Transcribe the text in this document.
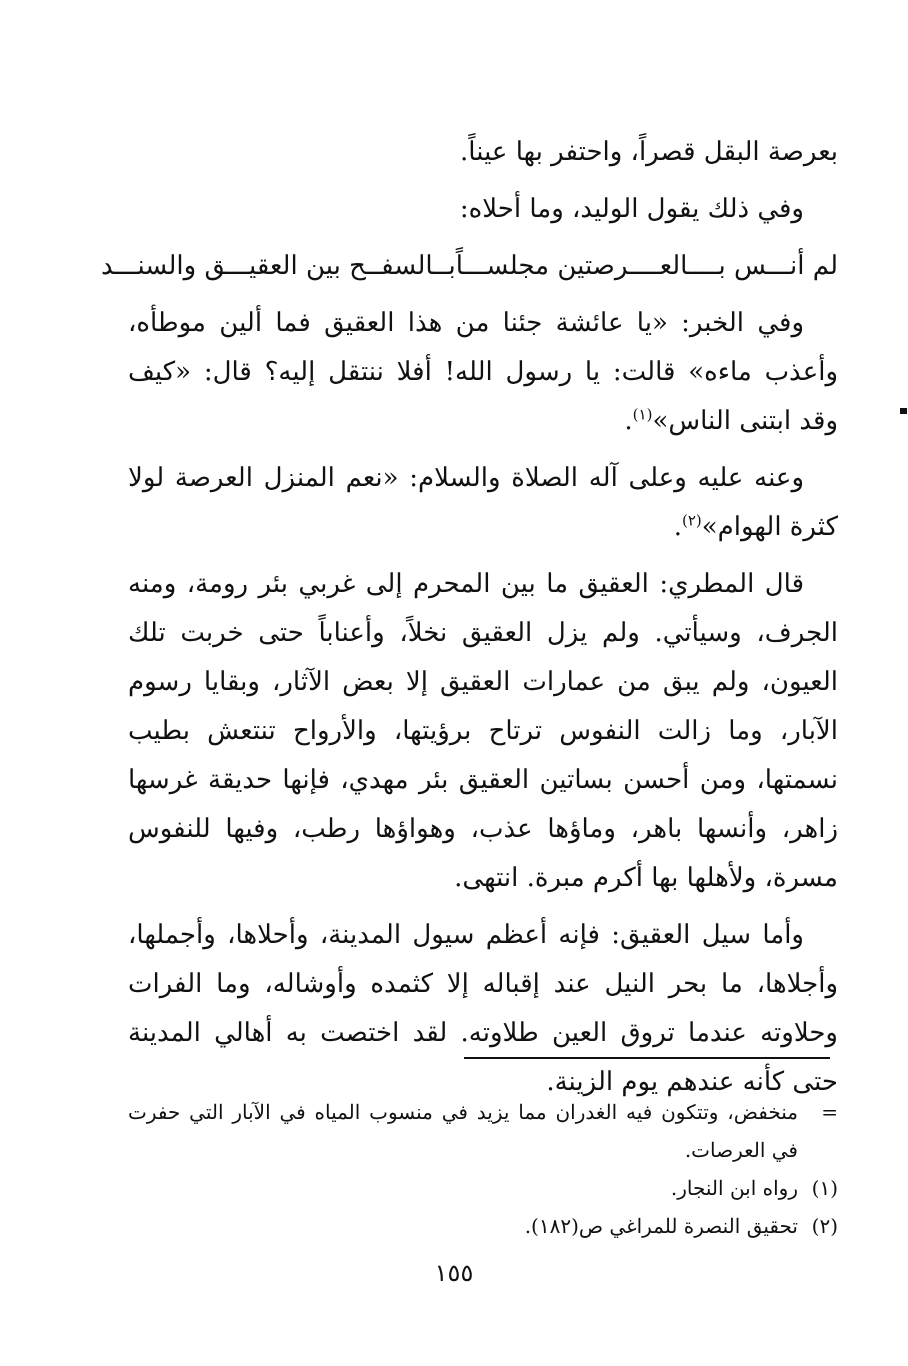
بعرصة البقل قصراً، واحتفر بها عيناً.

وفي ذلك يقول الوليد، وما أحلاه:

لم أنـــس بــــالعــــرصتين مجلســـاً
بــالسفــح بين العقيـــق والسنـــد

وفي الخبر: «يا عائشة جئنا من هذا العقيق فما ألين موطأه، وأعذب ماءه» قالت: يا رسول الله! أفلا ننتقل إليه؟ قال: «كيف وقد ابتنى الناس»$^{(١)}$.

وعنه عليه وعلى آله الصلاة والسلام: «نعم المنزل العرصة لولا كثرة الهوام»$^{(٢)}$.

قال المطري: العقيق ما بين المحرم إلى غربي بئر رومة، ومنه الجرف، وسيأتي. ولم يزل العقيق نخلاً، وأعناباً حتى خربت تلك العيون، ولم يبق من عمارات العقيق إلا بعض الآثار، وبقايا رسوم الآبار، وما زالت النفوس ترتاح برؤيتها، والأرواح تنتعش بطيب نسمتها، ومن أحسن بساتين العقيق بئر مهدي، فإنها حديقة غرسها زاهر، وأنسها باهر، وماؤها عذب، وهواؤها رطب، وفيها للنفوس مسرة، ولأهلها بها أكرم مبرة. انتهى.

وأما سيل العقيق: فإنه أعظم سيول المدينة، وأحلاها، وأجملها، وأجلاها، ما بحر النيل عند إقباله إلا كثمده وأوشاله، وما الفرات وحلاوته عندما تروق العين طلاوته. لقد اختصت به أهالي المدينة حتى كأنه عندهم يوم الزينة.

=
منخفض، وتتكون فيه الغدران مما يزيد في منسوب المياه في الآبار التي حفرت في العرصات.
(١)
رواه ابن النجار.
(٢)
تحقيق النصرة للمراغي ص(١٨٢).
١٥٥
